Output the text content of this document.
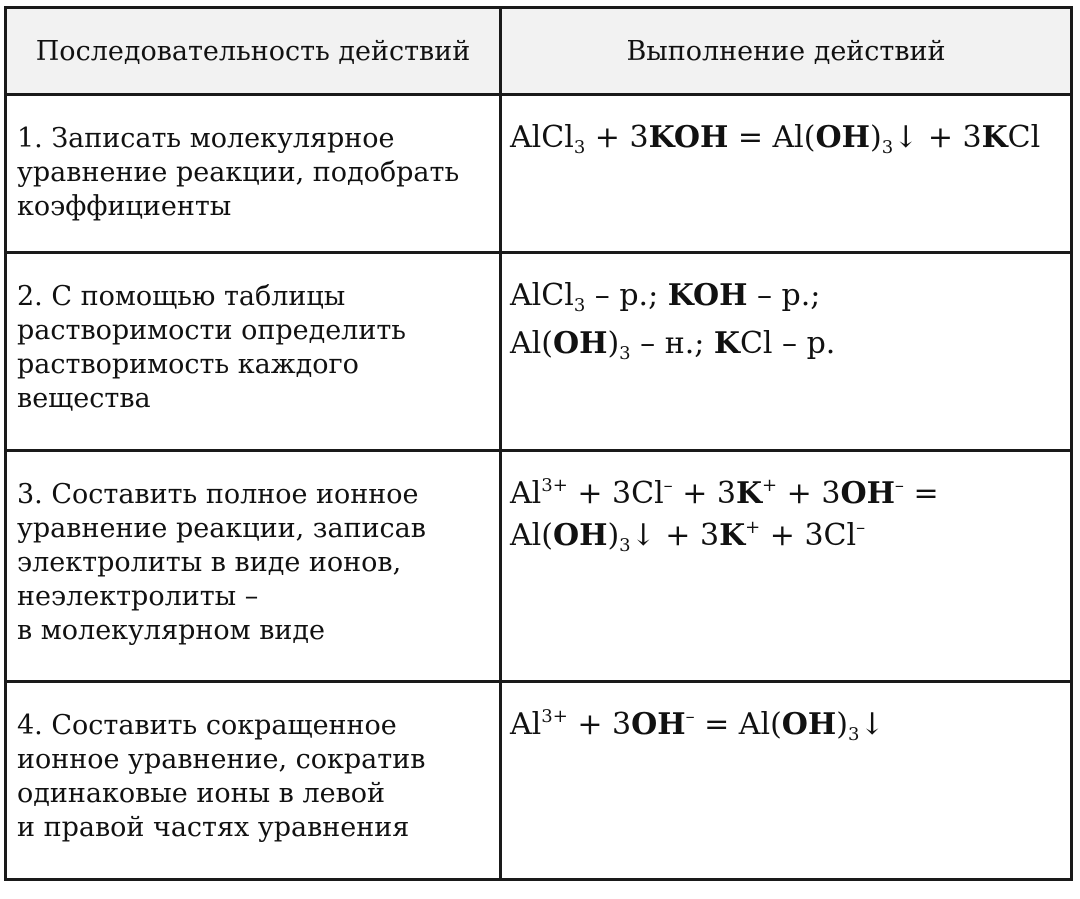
Последовательность действий	Выполнение действий

1. Записать молекулярное
уравнение реакции, подобрать
коэффициенты	AlCl$_3$ + $3KOH = Al(OH)_3↓ + 3KCl$

2. С помощью таблицы
растворимости определить
растворимость каждого
вещества	AlCl$_3$ – р.; KOH – р.;
$Al(OH)_3$ – н.; KCl – р.

3. Составить полное ионное
уравнение реакции, записав
электролиты в виде ионов,
неэлектролиты –
в молекулярном виде	$Al^{3+} + 3Cl^- + 3K^+ + 3OH^-$ =
$Al(OH)_3↓ + 3K^+ + 3Cl^-$

4. Составить сокращенное
ионное уравнение, сократив
одинаковые ионы в левой
и правой частях уравнения	$Al^{3+} + 3OH^-$ = $Al(OH)_3↓$
